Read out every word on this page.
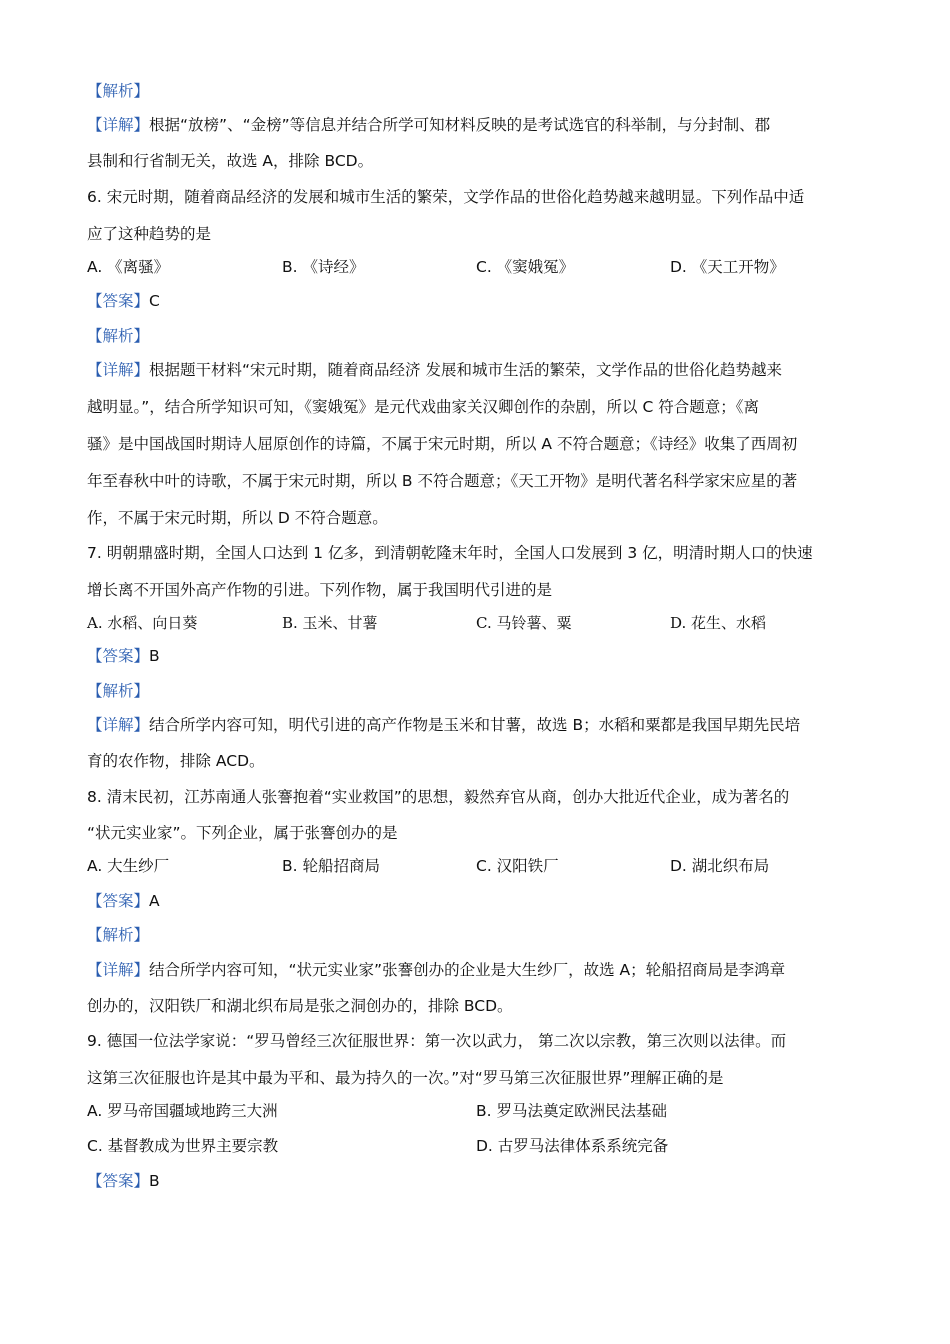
【解析】
【详解】根据“放榜”、“金榜”等信息并结合所学可知材料反映的是考试选官的科举制，与分封制、郡
县制和行省制无关，故选 A，排除 BCD。
6. 宋元时期，随着商品经济的发展和城市生活的繁荣，文学作品的世俗化趋势越来越明显。下列作品中适
应了这种趋势的是
A. 《离骚》	B. 《诗经》	C. 《窦娥冤》	D. 《天工开物》
【答案】C
【解析】
【详解】根据题干材料“宋元时期，随着商品经济 发展和城市生活的繁荣，文学作品的世俗化趋势越来
越明显。”，结合所学知识可知，《窦娥冤》是元代戏曲家关汉卿创作的杂剧，所以 C 符合题意；《离
骚》是中国战国时期诗人屈原创作的诗篇，不属于宋元时期，所以 A 不符合题意；《诗经》收集了西周初
年至春秋中叶的诗歌，不属于宋元时期，所以 B 不符合题意；《天工开物》是明代著名科学家宋应星的著
作，不属于宋元时期，所以 D 不符合题意。
7. 明朝鼎盛时期，全国人口达到 1 亿多，到清朝乾隆末年时，全国人口发展到 3 亿，明清时期人口的快速
增长离不开国外高产作物的引进。下列作物，属于我国明代引进的是
A. 水稻、向日葵	B. 玉米、甘薯	C. 马铃薯、粟	D. 花生、水稻
【答案】B
【解析】
【详解】结合所学内容可知，明代引进的高产作物是玉米和甘薯，故选 B；水稻和粟都是我国早期先民培
育的农作物，排除 ACD。
8. 清末民初，江苏南通人张謇抱着“实业救国”的思想，毅然弃官从商，创办大批近代企业，成为著名的
“状元实业家”。下列企业，属于张謇创办的是
A. 大生纱厂	B. 轮船招商局	C. 汉阳铁厂	D. 湖北织布局
【答案】A
【解析】
【详解】结合所学内容可知，“状元实业家”张謇创办的企业是大生纱厂，故选 A；轮船招商局是李鸿章
创办的，汉阳铁厂和湖北织布局是张之洞创办的，排除 BCD。
9. 德国一位法学家说：“罗马曾经三次征服世界：第一次以武力， 第二次以宗教，第三次则以法律。而
这第三次征服也许是其中最为平和、最为持久的一次。”对“罗马第三次征服世界”理解正确的是
A. 罗马帝国疆域地跨三大洲	B. 罗马法奠定欧洲民法基础
C. 基督教成为世界主要宗教	D. 古罗马法律体系系统完备
【答案】B
